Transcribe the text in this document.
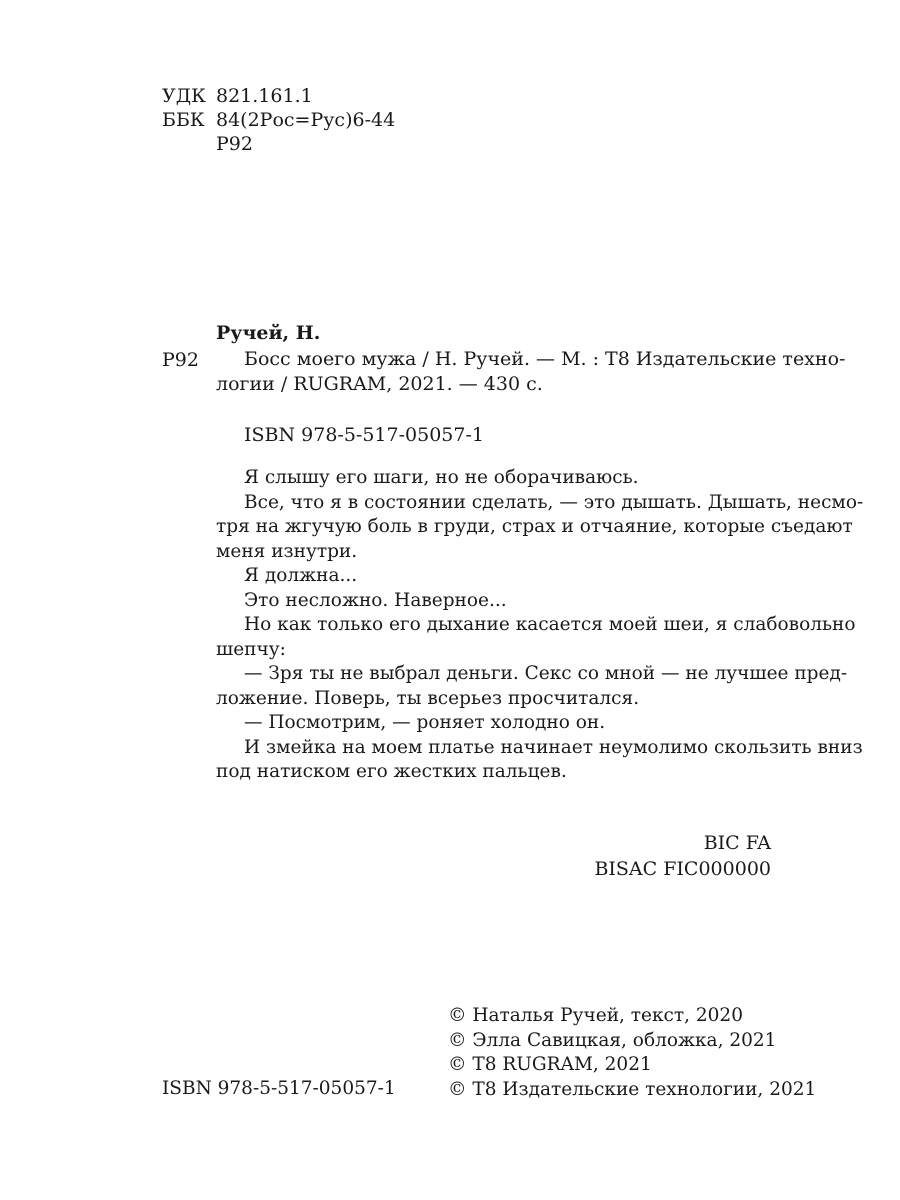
УДК 821.161.1
ББК 84(2Рос=Рус)6-44
Р92
Ручей, Н.
Р92	Босс моего мужа / Н. Ручей. — М. : Т8 Издательские техно-
логии / RUGRAM, 2021. — 430 с.
ISBN 978-5-517-05057-1
Я слышу его шаги, но не оборачиваюсь.
Все, что я в состоянии сделать, — это дышать. Дышать, несмо-
тря на жгучую боль в груди, страх и отчаяние, которые съедают
меня изнутри.
Я должна...
Это несложно. Наверное...
Но как только его дыхание касается моей шеи, я слабовольно
шепчу:
— Зря ты не выбрал деньги. Секс со мной — не лучшее пред-
ложение. Поверь, ты всерьез просчитался.
— Посмотрим, — роняет холодно он.
И змейка на моем платье начинает неумолимо скользить вниз
под натиском его жестких пальцев.
BIC FA
BISAC FIC000000
© Наталья Ручей, текст, 2020
© Элла Савицкая, обложка, 2021
© Т8 RUGRAM, 2021
© Т8 Издательские технологии, 2021
ISBN 978-5-517-05057-1
